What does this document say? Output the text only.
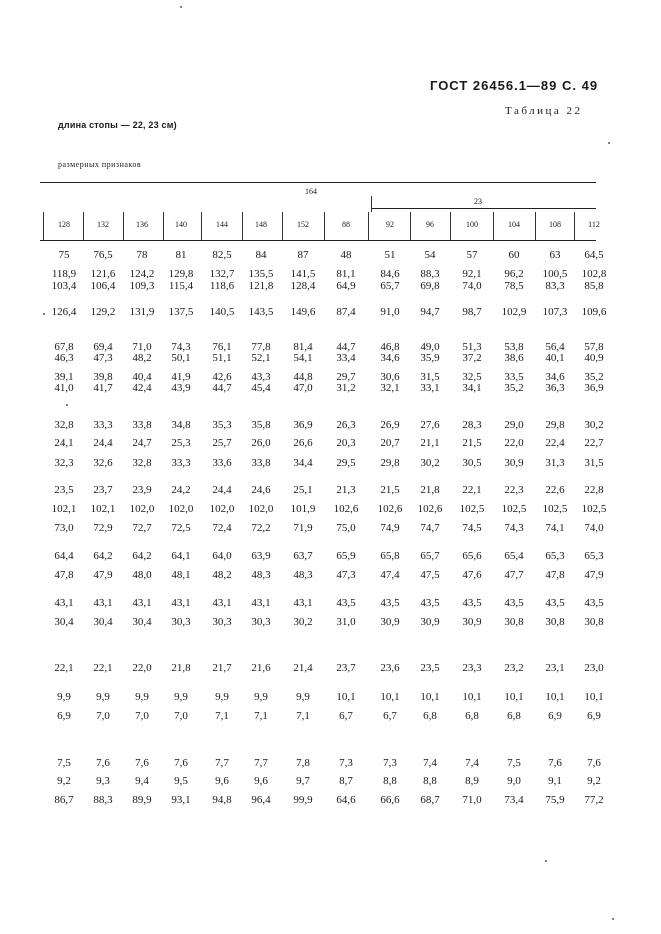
ГОСТ 26456.1—89 С. 49
Таблица 22
длина стопы — 22, 23 см)
размерных признаков
164
23
128	132	136	140	144	148	152	88	92	96	100	104	108	112
75	76,5	78	81	82,5	84	87	48	51	54	57	60	63	64,5
118,9	121,6	124,2	129,8	132,7	135,5	141,5	81,1	84,6	88,3	92,1	96,2	100,5	102,8
103,4	106,4	109,3	115,4	118,6	121,8	128,4	64,9	65,7	69,8	74,0	78,5	83,3	85,8
126,4	129,2	131,9	137,5	140,5	143,5	149,6	87,4	91,0	94,7	98,7	102,9	107,3	109,6
67,8	69,4	71,0	74,3	76,1	77,8	81,4	44,7	46,8	49,0	51,3	53,8	56,4	57,8
46,3	47,3	48,2	50,1	51,1	52,1	54,1	33,4	34,6	35,9	37,2	38,6	40,1	40,9
39,1	39,8	40,4	41,9	42,6	43,3	44,8	29,7	30,6	31,5	32,5	33,5	34,6	35,2
41,0	41,7	42,4	43,9	44,7	45,4	47,0	31,2	32,1	33,1	34,1	35,2	36,3	36,9
32,8	33,3	33,8	34,8	35,3	35,8	36,9	26,3	26,9	27,6	28,3	29,0	29,8	30,2
24,1	24,4	24,7	25,3	25,7	26,0	26,6	20,3	20,7	21,1	21,5	22,0	22,4	22,7
32,3	32,6	32,8	33,3	33,6	33,8	34,4	29,5	29,8	30,2	30,5	30,9	31,3	31,5
23,5	23,7	23,9	24,2	24,4	24,6	25,1	21,3	21,5	21,8	22,1	22,3	22,6	22,8
102,1	102,1	102,0	102,0	102,0	102,0	101,9	102,6	102,6	102,6	102,5	102,5	102,5	102,5
73,0	72,9	72,7	72,5	72,4	72,2	71,9	75,0	74,9	74,7	74,5	74,3	74,1	74,0
64,4	64,2	64,2	64,1	64,0	63,9	63,7	65,9	65,8	65,7	65,6	65,4	65,3	65,3
47,8	47,9	48,0	48,1	48,2	48,3	48,3	47,3	47,4	47,5	47,6	47,7	47,8	47,9
43,1	43,1	43,1	43,1	43,1	43,1	43,1	43,5	43,5	43,5	43,5	43,5	43,5	43,5
30,4	30,4	30,4	30,3	30,3	30,3	30,2	31,0	30,9	30,9	30,9	30,8	30,8	30,8
22,1	22,1	22,0	21,8	21,7	21,6	21,4	23,7	23,6	23,5	23,3	23,2	23,1	23,0
9,9	9,9	9,9	9,9	9,9	9,9	9,9	10,1	10,1	10,1	10,1	10,1	10,1	10,1
6,9	7,0	7,0	7,0	7,1	7,1	7,1	6,7	6,7	6,8	6,8	6,8	6,9	6,9
7,5	7,6	7,6	7,6	7,7	7,7	7,8	7,3	7,3	7,4	7,4	7,5	7,6	7,6
9,2	9,3	9,4	9,5	9,6	9,6	9,7	8,7	8,8	8,8	8,9	9,0	9,1	9,2
86,7	88,3	89,9	93,1	94,8	96,4	99,9	64,6	66,6	68,7	71,0	73,4	75,9	77,2
